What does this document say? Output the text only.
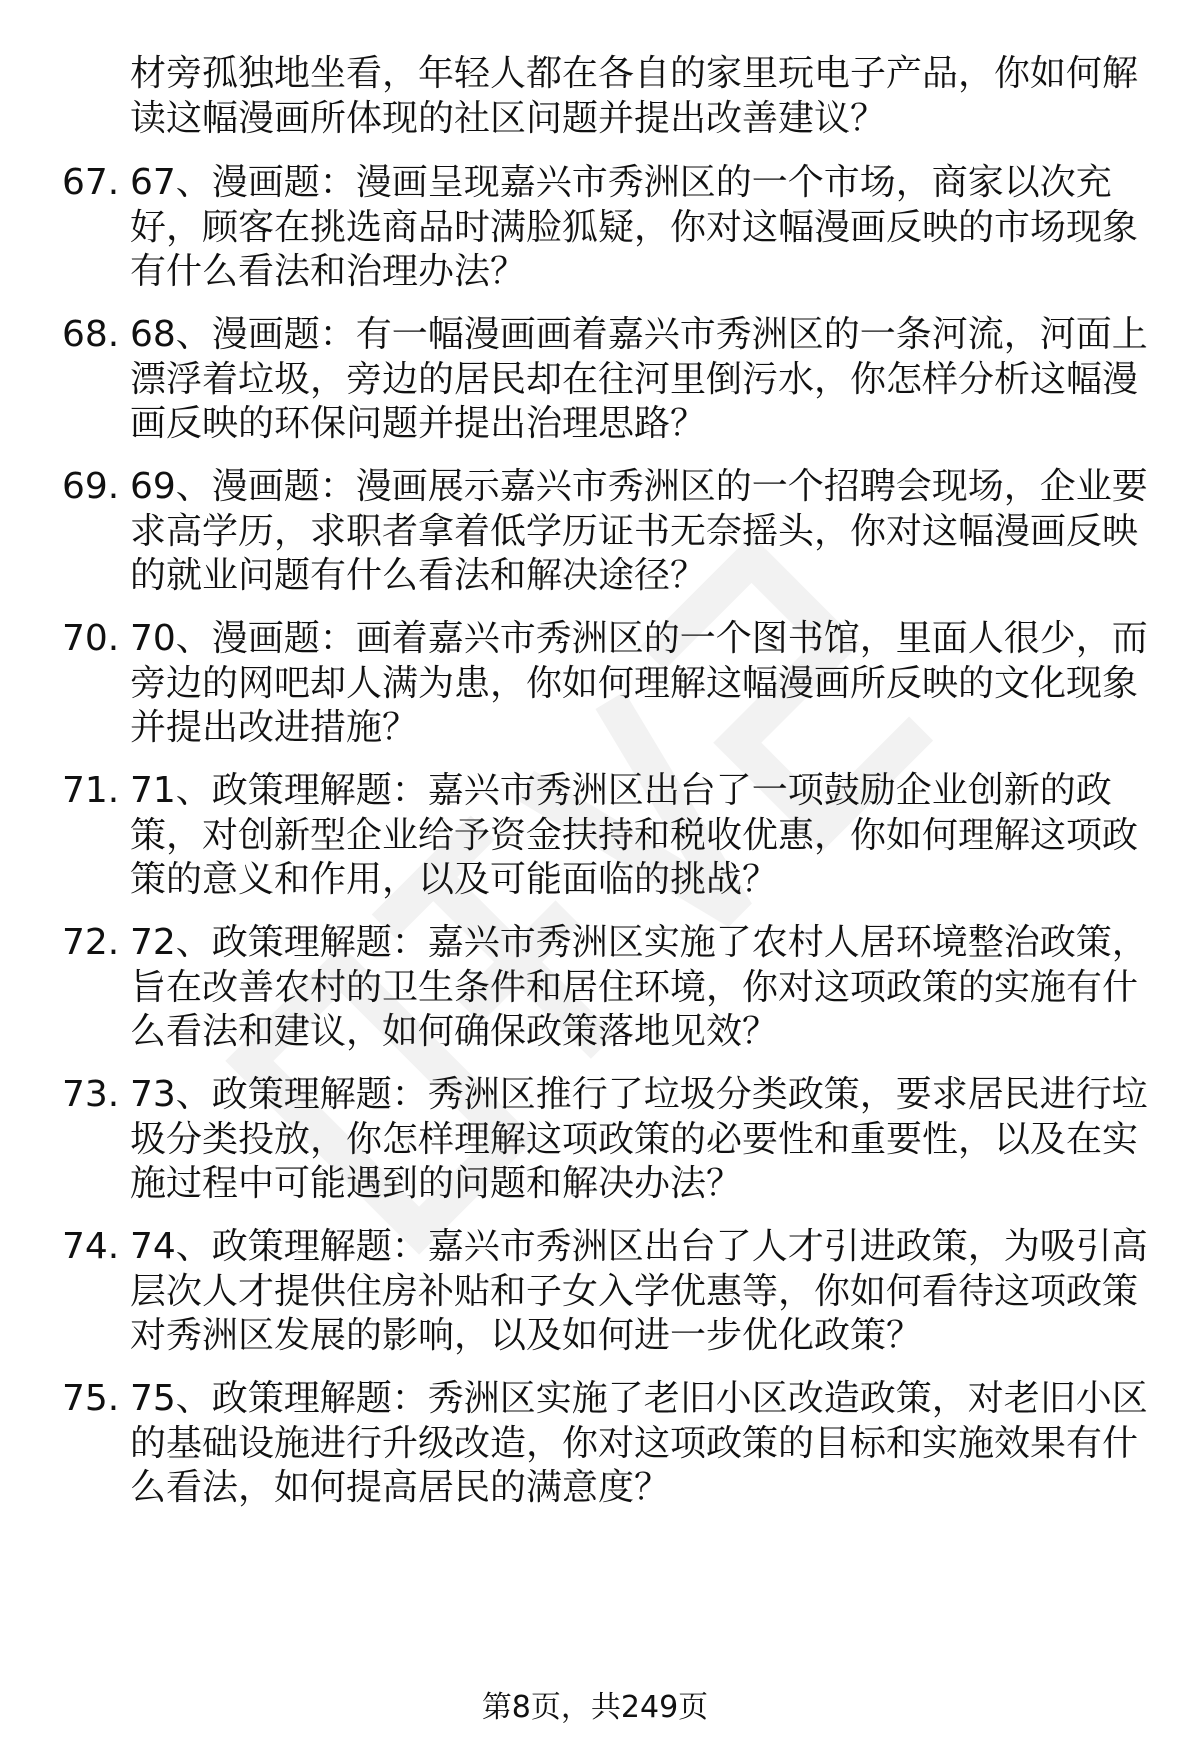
材旁孤独地坐看，年轻人都在各自的家里玩电子产品，你如何解读这幅漫画所体现的社区问题并提出改善建议？

67. 67、漫画题：漫画呈现嘉兴市秀洲区的一个市场，商家以次充好，顾客在挑选商品时满脸狐疑，你对这幅漫画反映的市场现象有什么看法和治理办法？
68. 68、漫画题：有一幅漫画画着嘉兴市秀洲区的一条河流，河面上漂浮着垃圾，旁边的居民却在往河里倒污水，你怎样分析这幅漫画反映的环保问题并提出治理思路？
69. 69、漫画题：漫画展示嘉兴市秀洲区的一个招聘会现场，企业要求高学历，求职者拿着低学历证书无奈摇头，你对这幅漫画反映的就业问题有什么看法和解决途径？
70. 70、漫画题：画着嘉兴市秀洲区的一个图书馆，里面人很少，而旁边的网吧却人满为患，你如何理解这幅漫画所反映的文化现象并提出改进措施？
71. 71、政策理解题：嘉兴市秀洲区出台了一项鼓励企业创新的政策，对创新型企业给予资金扶持和税收优惠，你如何理解这项政策的意义和作用，以及可能面临的挑战？
72. 72、政策理解题：嘉兴市秀洲区实施了农村人居环境整治政策，旨在改善农村的卫生条件和居住环境，你对这项政策的实施有什么看法和建议，如何确保政策落地见效？
73. 73、政策理解题：秀洲区推行了垃圾分类政策，要求居民进行垃圾分类投放，你怎样理解这项政策的必要性和重要性，以及在实施过程中可能遇到的问题和解决办法？
74. 74、政策理解题：嘉兴市秀洲区出台了人才引进政策，为吸引高层次人才提供住房补贴和子女入学优惠等，你如何看待这项政策对秀洲区发展的影响，以及如何进一步优化政策？
75. 75、政策理解题：秀洲区实施了老旧小区改造政策，对老旧小区的基础设施进行升级改造，你对这项政策的目标和实施效果有什么看法，如何提高居民的满意度？
第8页，共249页
